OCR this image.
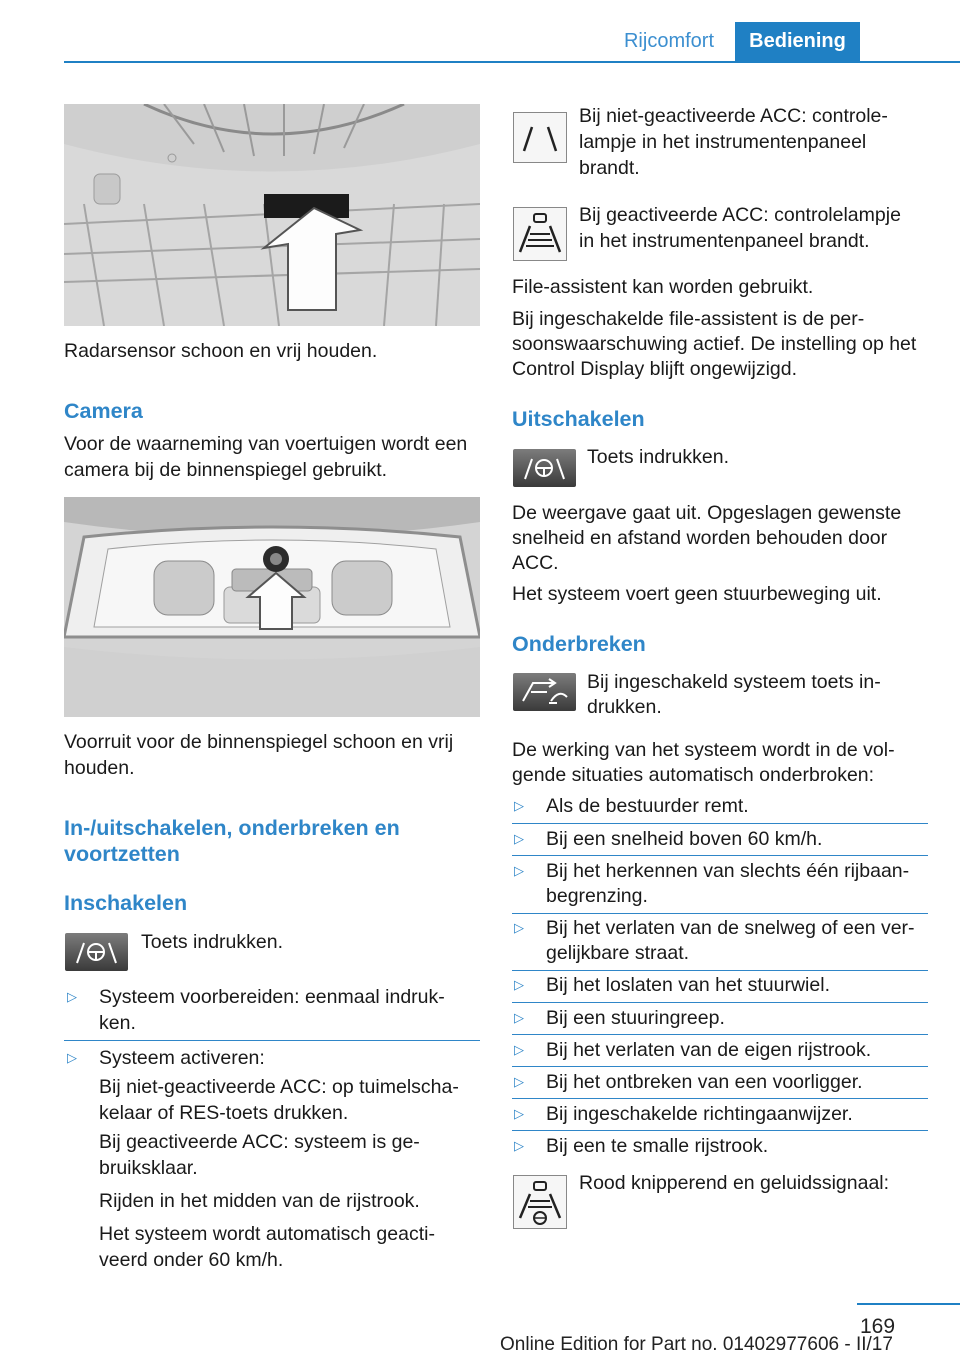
Rijcomfort	Bediening
Radarsensor schoon en vrij houden.
Camera
Voor de waarneming van voertuigen wordt een
camera bij de binnenspiegel gebruikt.
Voorruit voor de binnenspiegel schoon en vrij
houden.
In-/uitschakelen, onderbreken en
voortzetten
Inschakelen
Toets indrukken.
▷ Systeem voorbereiden: eenmaal indruk-
ken.
▷ Systeem activeren:
Bij niet-geactiveerde ACC: op tuimelscha-
kelaar of RES-toets drukken.
Bij geactiveerde ACC: systeem is ge-
bruiksklaar.
Rijden in het midden van de rijstrook.
Het systeem wordt automatisch geacti-
veerd onder 60 km/h.
Bij niet-geactiveerde ACC: controle-
lampje in het instrumentenpaneel
brandt.
Bij geactiveerde ACC: controlelampje
in het instrumentenpaneel brandt.
File-assistent kan worden gebruikt.
Bij ingeschakelde file-assistent is de per-
soonswaarschuwing actief. De instelling op het
Control Display blijft ongewijzigd.
Uitschakelen
Toets indrukken.
De weergave gaat uit. Opgeslagen gewenste
snelheid en afstand worden behouden door
ACC.
Het systeem voert geen stuurbeweging uit.
Onderbreken
Bij ingeschakeld systeem toets in-
drukken.
De werking van het systeem wordt in de vol-
gende situaties automatisch onderbroken:
▷ Als de bestuurder remt.
▷ Bij een snelheid boven 60 km/h.
▷ Bij het herkennen van slechts één rijbaan-
begrenzing.
▷ Bij het verlaten van de snelweg of een ver-
gelijkbare straat.
▷ Bij het loslaten van het stuurwiel.
▷ Bij een stuuringreep.
▷ Bij het verlaten van de eigen rijstrook.
▷ Bij het ontbreken van een voorligger.
▷ Bij ingeschakelde richtingaanwijzer.
▷ Bij een te smalle rijstrook.
Rood knipperend en geluidssignaal:
169
Online Edition for Part no. 01402977606 - II/17
